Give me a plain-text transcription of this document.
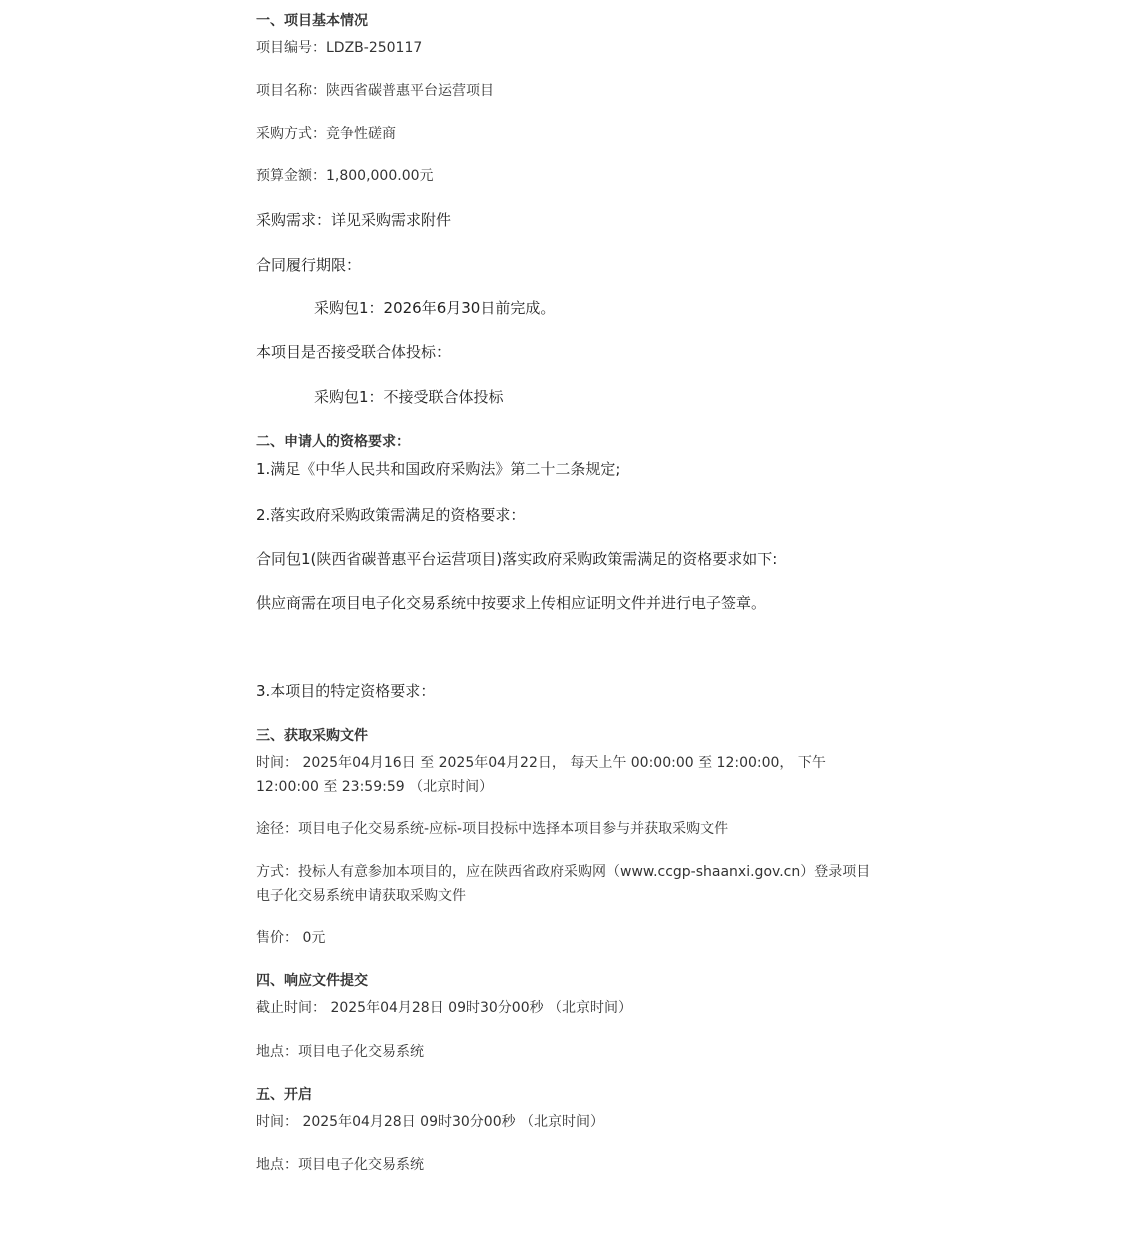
一、项目基本情况
项目编号：LDZB-250117
项目名称：陕西省碳普惠平台运营项目
采购方式：竞争性磋商
预算金额：1,800,000.00元
采购需求：详见采购需求附件
合同履行期限：
采购包1：2026年6月30日前完成。
本项目是否接受联合体投标：
采购包1：不接受联合体投标
二、申请人的资格要求：
1.满足《中华人民共和国政府采购法》第二十二条规定;
2.落实政府采购政策需满足的资格要求：
合同包1(陕西省碳普惠平台运营项目)落实政府采购政策需满足的资格要求如下:
供应商需在项目电子化交易系统中按要求上传相应证明文件并进行电子签章。
3.本项目的特定资格要求：
三、获取采购文件
时间： 2025年04月16日 至 2025年04月22日， 每天上午 00:00:00 至 12:00:00， 下午 12:00:00 至 23:59:59 （北京时间）
途径：项目电子化交易系统-应标-项目投标中选择本项目参与并获取采购文件
方式：投标人有意参加本项目的，应在陕西省政府采购网（www.ccgp-shaanxi.gov.cn）登录项目电子化交易系统申请获取采购文件
售价： 0元
四、响应文件提交
截止时间： 2025年04月28日 09时30分00秒 （北京时间）
地点：项目电子化交易系统
五、开启
时间： 2025年04月28日 09时30分00秒 （北京时间）
地点：项目电子化交易系统
